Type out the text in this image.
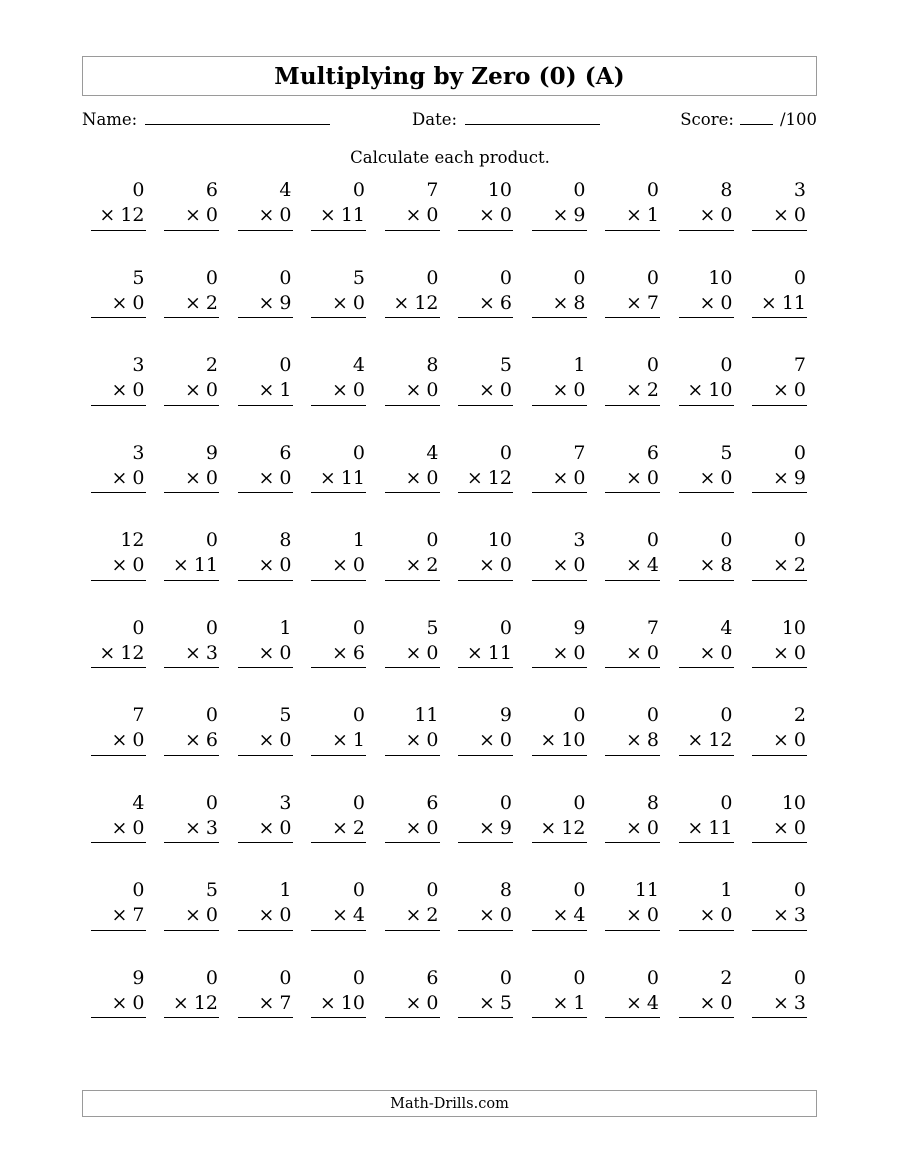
Multiplying by Zero (0) (A)
Name:	Date:	Score:	/100
Calculate each product.
0
× 12
6
× 0
4
× 0
0
× 11
7
× 0
10
× 0
0
× 9
0
× 1
8
× 0
3
× 0
5
× 0
0
× 2
0
× 9
5
× 0
0
× 12
0
× 6
0
× 8
0
× 7
10
× 0
0
× 11
3
× 0
2
× 0
0
× 1
4
× 0
8
× 0
5
× 0
1
× 0
0
× 2
0
× 10
7
× 0
3
× 0
9
× 0
6
× 0
0
× 11
4
× 0
0
× 12
7
× 0
6
× 0
5
× 0
0
× 9
12
× 0
0
× 11
8
× 0
1
× 0
0
× 2
10
× 0
3
× 0
0
× 4
0
× 8
0
× 2
0
× 12
0
× 3
1
× 0
0
× 6
5
× 0
0
× 11
9
× 0
7
× 0
4
× 0
10
× 0
7
× 0
0
× 6
5
× 0
0
× 1
11
× 0
9
× 0
0
× 10
0
× 8
0
× 12
2
× 0
4
× 0
0
× 3
3
× 0
0
× 2
6
× 0
0
× 9
0
× 12
8
× 0
0
× 11
10
× 0
0
× 7
5
× 0
1
× 0
0
× 4
0
× 2
8
× 0
0
× 4
11
× 0
1
× 0
0
× 3
9
× 0
0
× 12
0
× 7
0
× 10
6
× 0
0
× 5
0
× 1
0
× 4
2
× 0
0
× 3
Math-Drills.com
